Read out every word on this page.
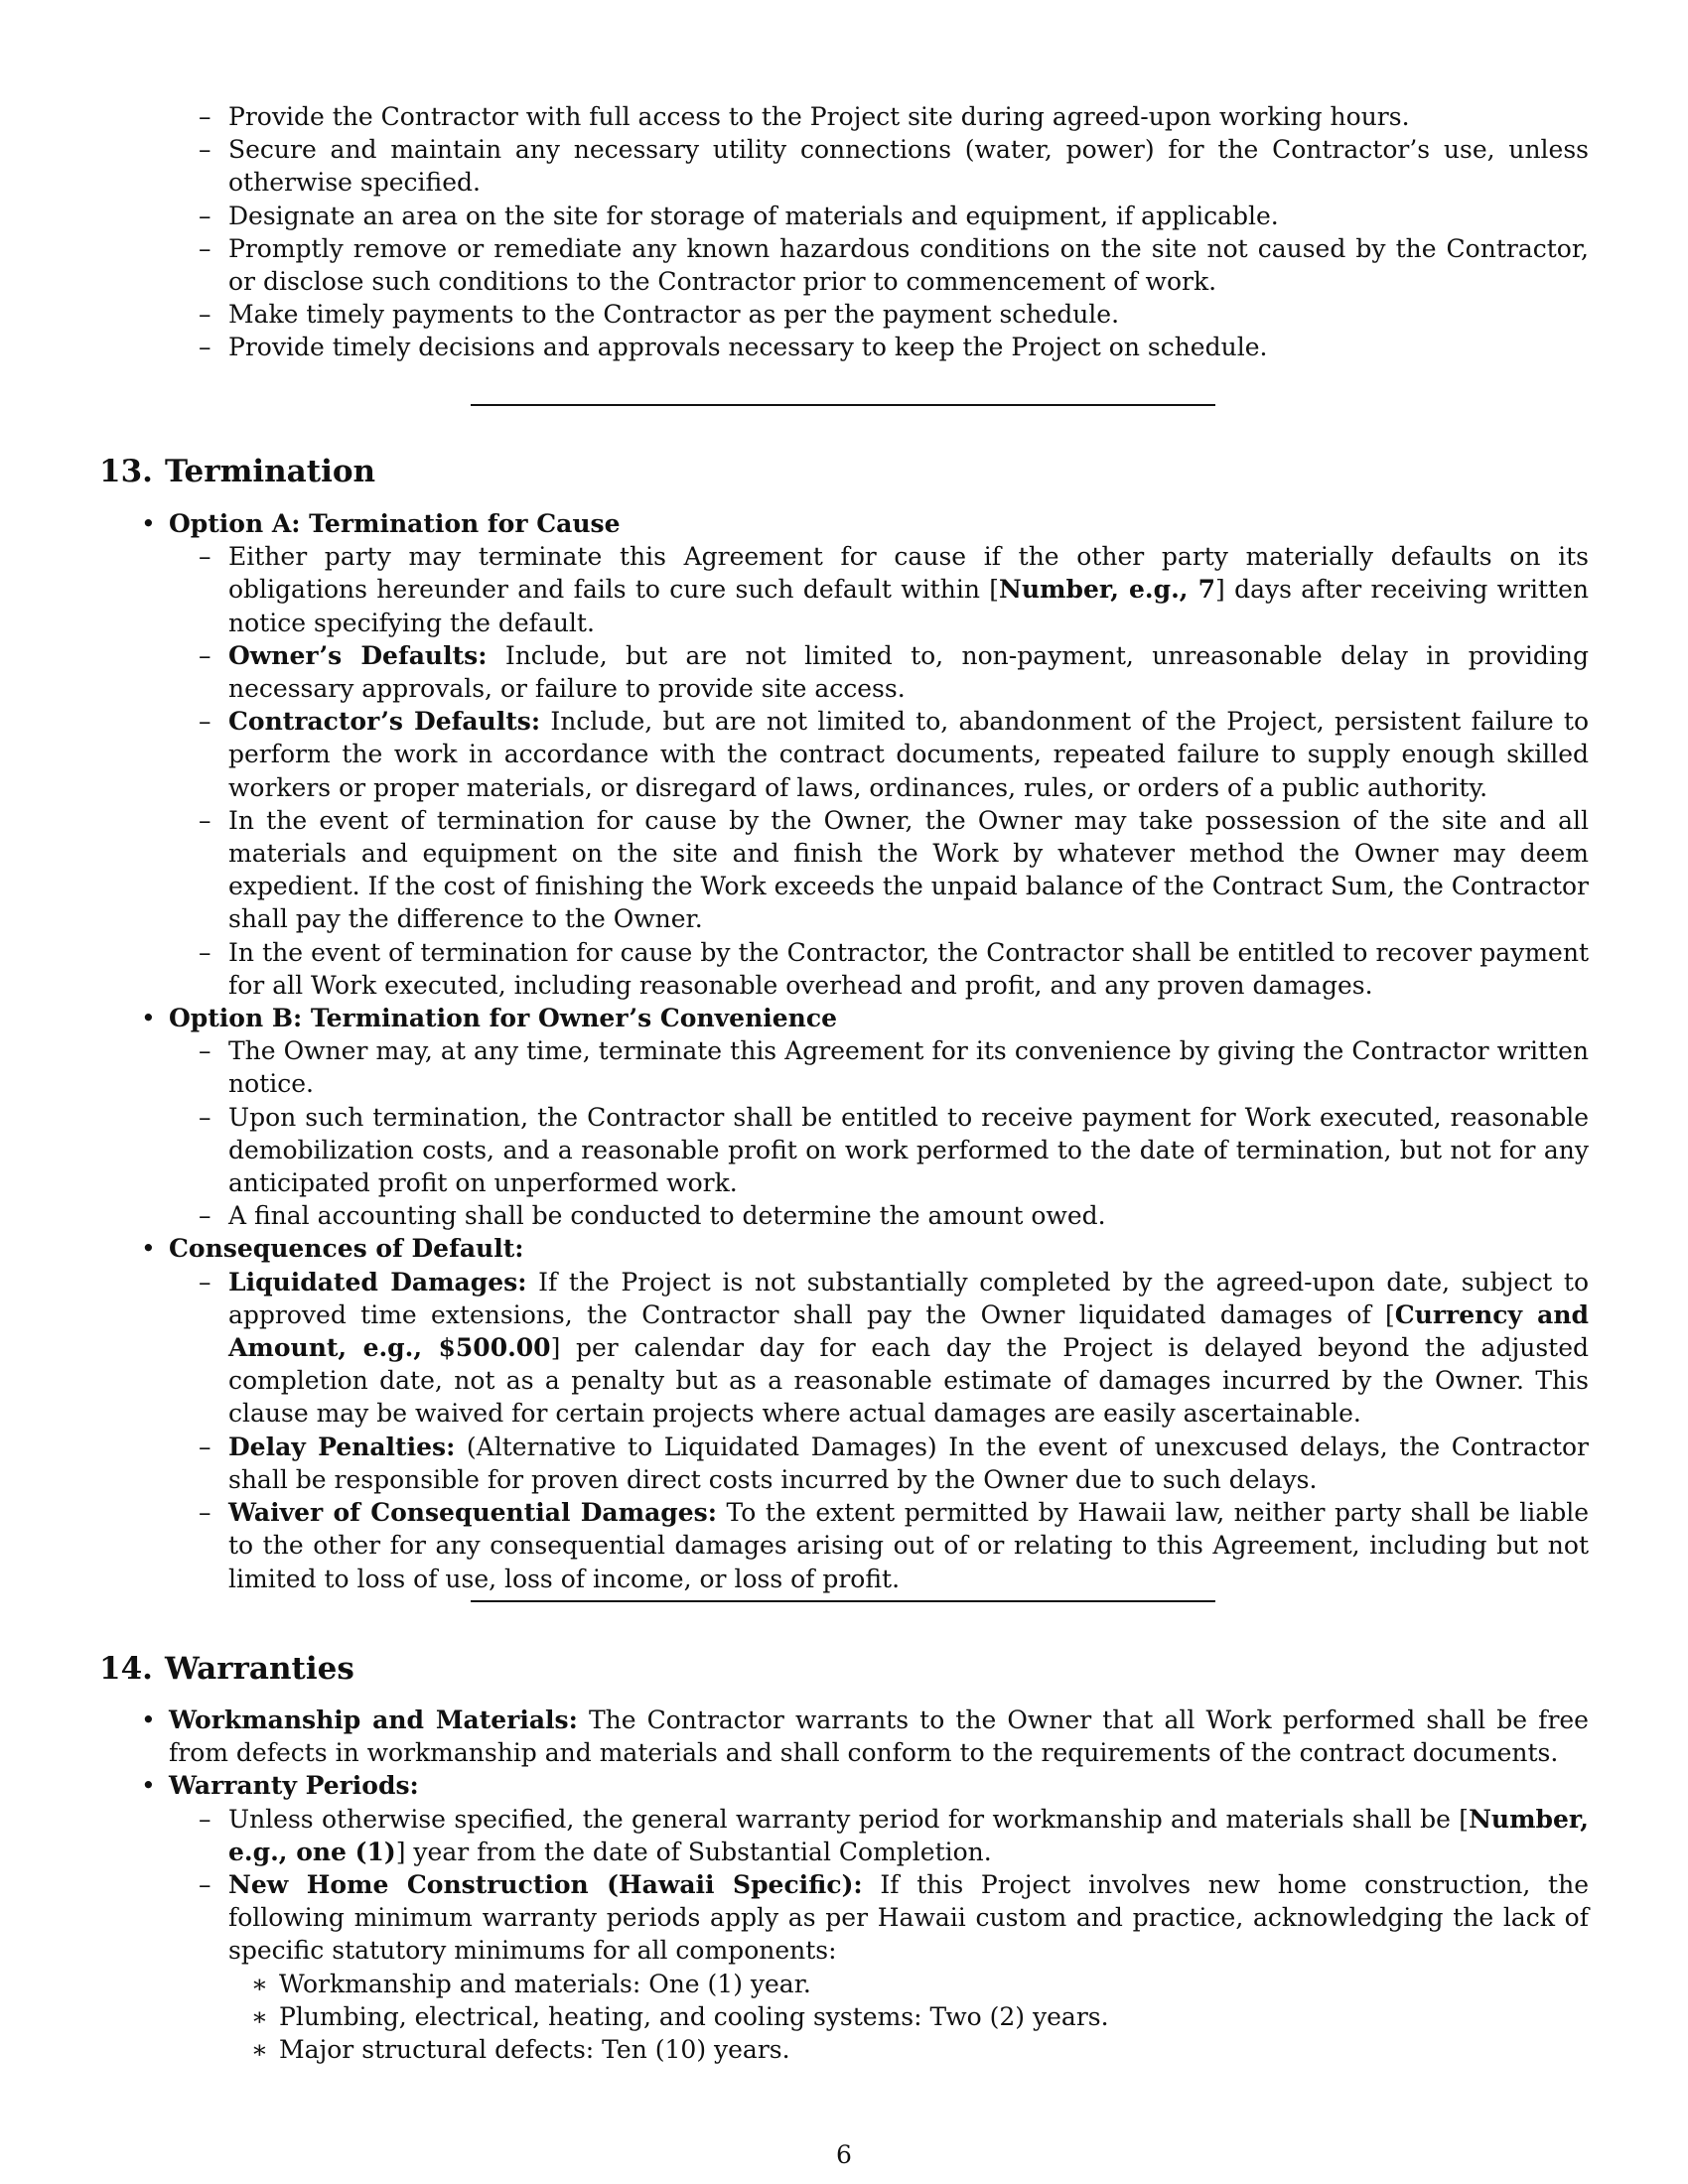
– Provide the Contractor with full access to the Project site during agreed-upon working hours.
– Secure and maintain any necessary utility connections (water, power) for the Contractor’s use, unless otherwise specified.
– Designate an area on the site for storage of materials and equipment, if applicable.
– Promptly remove or remediate any known hazardous conditions on the site not caused by the Contractor, or disclose such conditions to the Contractor prior to commencement of work.
– Make timely payments to the Contractor as per the payment schedule.
– Provide timely decisions and approvals necessary to keep the Project on schedule.
13. Termination
• Option A: Termination for Cause
– Either party may terminate this Agreement for cause if the other party materially defaults on its obligations hereunder and fails to cure such default within [Number, e.g., 7] days after receiving written notice specifying the default.
– Owner’s Defaults: Include, but are not limited to, non-payment, unreasonable delay in providing necessary approvals, or failure to provide site access.
– Contractor’s Defaults: Include, but are not limited to, abandonment of the Project, persistent failure to perform the work in accordance with the contract documents, repeated failure to supply enough skilled workers or proper materials, or disregard of laws, ordinances, rules, or orders of a public authority.
– In the event of termination for cause by the Owner, the Owner may take possession of the site and all materials and equipment on the site and finish the Work by whatever method the Owner may deem expedient. If the cost of finishing the Work exceeds the unpaid balance of the Contract Sum, the Contractor shall pay the difference to the Owner.
– In the event of termination for cause by the Contractor, the Contractor shall be entitled to recover payment for all Work executed, including reasonable overhead and profit, and any proven damages.
• Option B: Termination for Owner’s Convenience
– The Owner may, at any time, terminate this Agreement for its convenience by giving the Contractor written notice.
– Upon such termination, the Contractor shall be entitled to receive payment for Work executed, reasonable demobilization costs, and a reasonable profit on work performed to the date of termination, but not for any anticipated profit on unperformed work.
– A final accounting shall be conducted to determine the amount owed.
• Consequences of Default:
– Liquidated Damages: If the Project is not substantially completed by the agreed-upon date, subject to approved time extensions, the Contractor shall pay the Owner liquidated damages of [Currency and Amount, e.g., $500.00] per calendar day for each day the Project is delayed beyond the adjusted completion date, not as a penalty but as a reasonable estimate of damages incurred by the Owner. This clause may be waived for certain projects where actual damages are easily ascertainable.
– Delay Penalties: (Alternative to Liquidated Damages) In the event of unexcused delays, the Contractor shall be responsible for proven direct costs incurred by the Owner due to such delays.
– Waiver of Consequential Damages: To the extent permitted by Hawaii law, neither party shall be liable to the other for any consequential damages arising out of or relating to this Agreement, including but not limited to loss of use, loss of income, or loss of profit.
14. Warranties
• Workmanship and Materials: The Contractor warrants to the Owner that all Work performed shall be free from defects in workmanship and materials and shall conform to the requirements of the contract documents.
• Warranty Periods:
– Unless otherwise specified, the general warranty period for workmanship and materials shall be [Number, e.g., one (1)] year from the date of Substantial Completion.
– New Home Construction (Hawaii Specific): If this Project involves new home construction, the following minimum warranty periods apply as per Hawaii custom and practice, acknowledging the lack of specific statutory minimums for all components:
∗ Workmanship and materials: One (1) year.
∗ Plumbing, electrical, heating, and cooling systems: Two (2) years.
∗ Major structural defects: Ten (10) years.
6
